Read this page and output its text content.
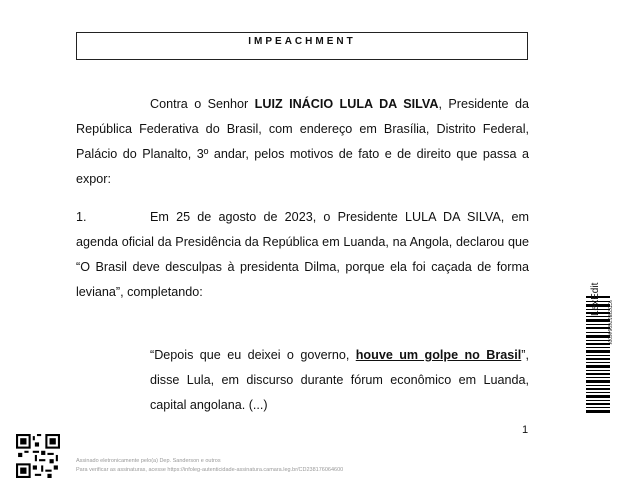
IMPEACHMENT

Contra o Senhor LUIZ INÁCIO LULA DA SILVA, Presidente da República Federativa do Brasil, com endereço em Brasília, Distrito Federal, Palácio do Planalto, 3º andar, pelos motivos de fato e de direito que passa a expor:

1.	Em 25 de agosto de 2023, o Presidente LULA DA SILVA, em agenda oficial da Presidência da República em Luanda, na Angola, declarou que “O Brasil deve desculpas à presidenta Dilma, porque ela foi caçada de forma leviana”, completando:

“Depois que eu deixei o governo, houve um golpe no Brasil”, disse Lula, em discurso durante fórum econômico em Luanda, capital angolana. (...)

1
Assinado eletronicamente pelo(a) Dep. Sanderson e outros
Para verificar as assinaturas, acesse https://infoleg-autenticidade-assinatura.camara.leg.br/CD238176064600
LexEdit
*CD238176064600*
